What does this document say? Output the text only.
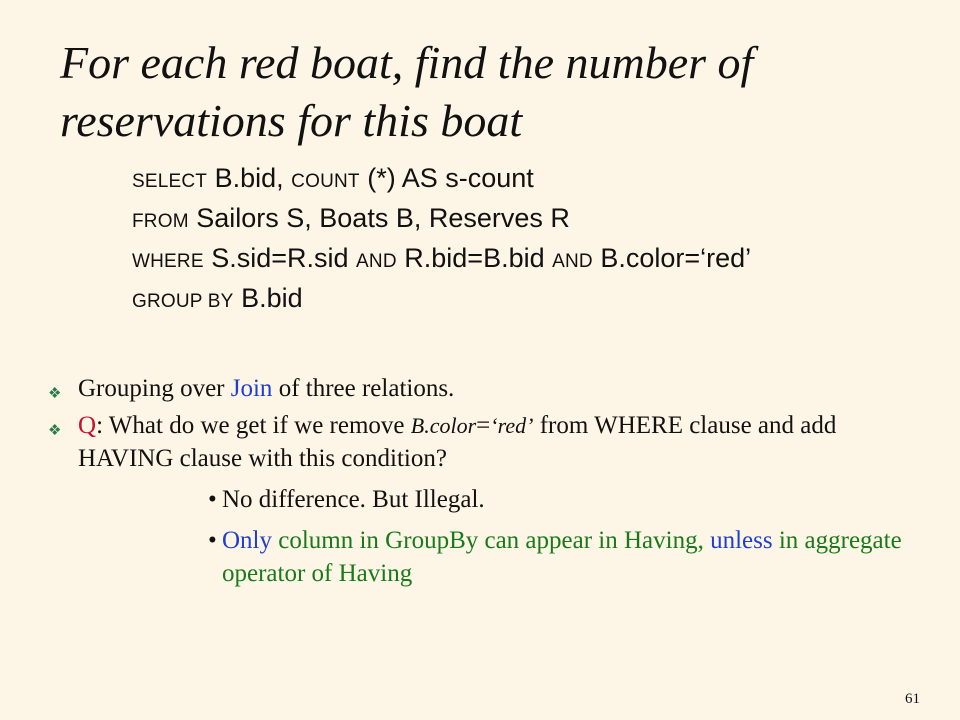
For each red boat, find the number of
reservations for this boat
SELECT B.bid, COUNT (*) AS s-count
FROM Sailors S, Boats B, Reserves R
WHERE S.sid=R.sid AND R.bid=B.bid AND B.color=‘red’
GROUP BY B.bid
❖
Grouping over Join of three relations.
❖
Q: What do we get if we remove B.color=‘red’ from WHERE clause and add HAVING clause with this condition?
•
No difference. But Illegal.
•
Only column in GroupBy can appear in Having, unless in aggregate operator of Having
61
